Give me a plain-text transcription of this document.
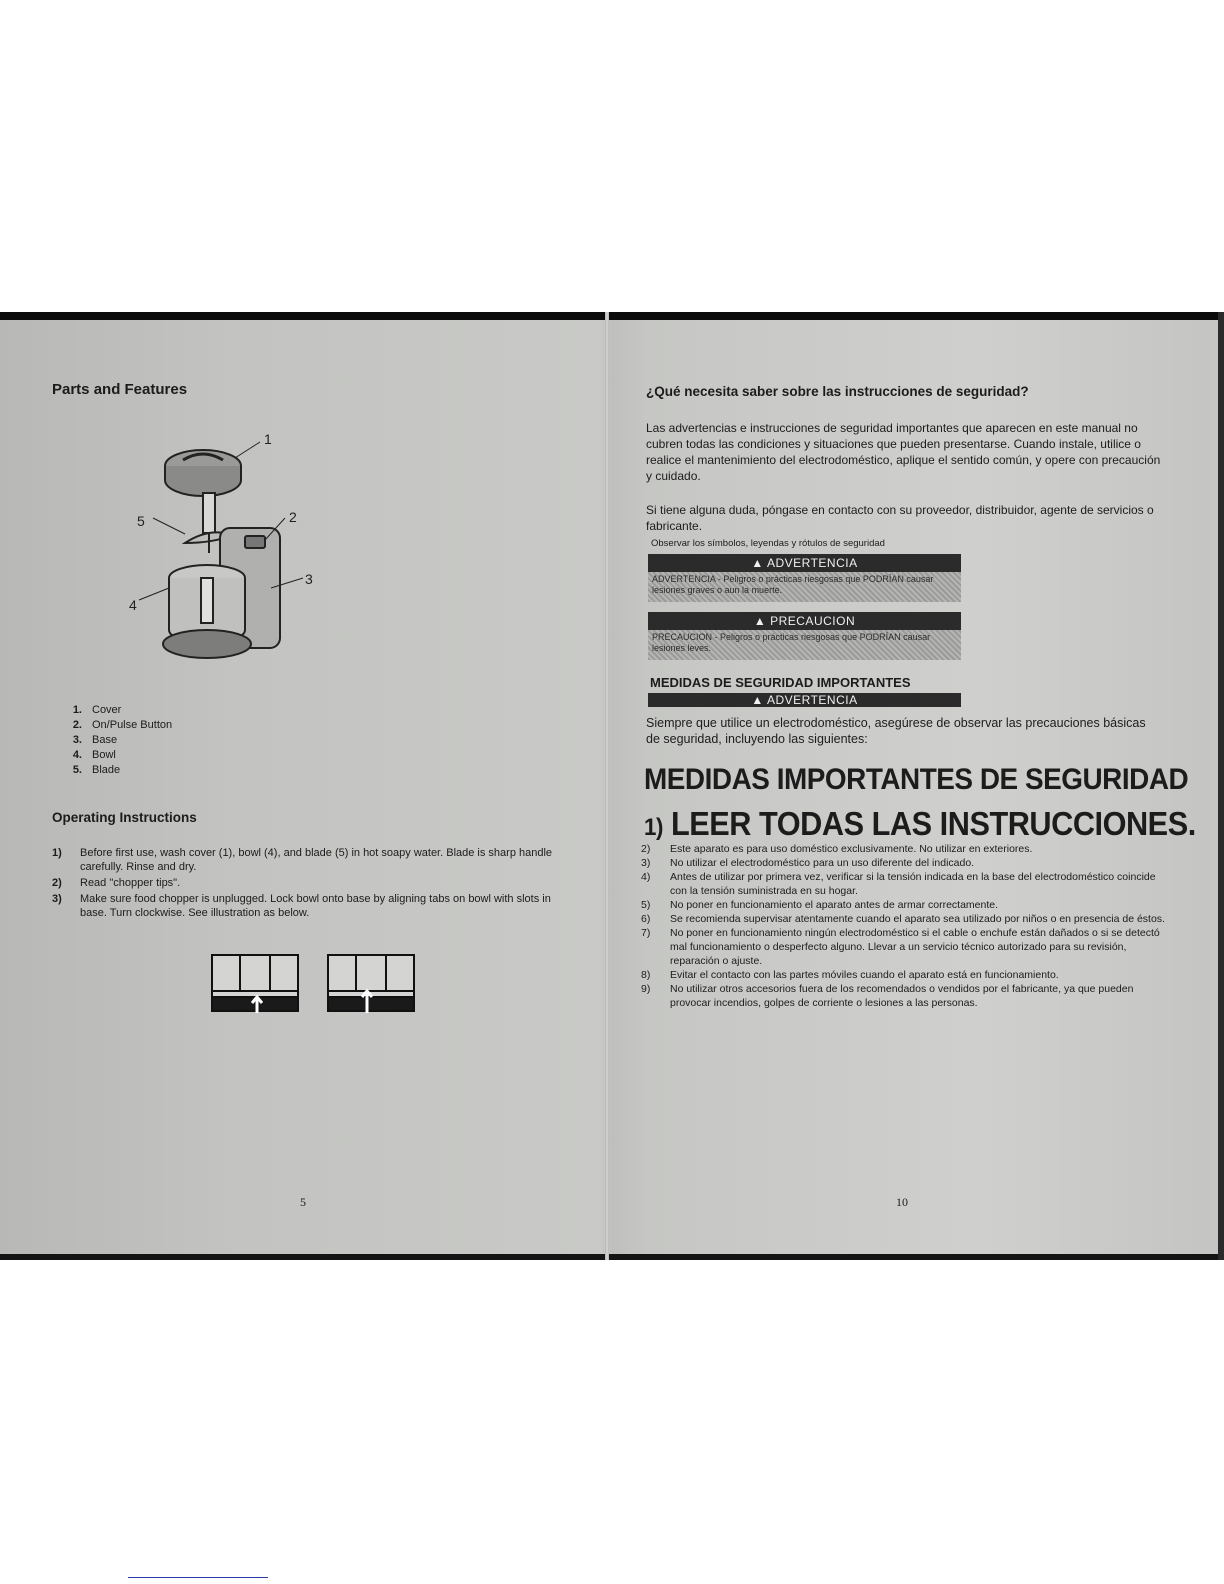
Parts and Features
1
2
3
4
5
1. Cover
2. On/Pulse Button
3. Base
4. Bowl
5. Blade
Operating Instructions
1)	Before first use, wash cover (1), bowl (4), and blade (5) in hot soapy water. Blade is sharp handle carefully. Rinse and dry.
2)	Read "chopper tips".
3)	Make sure food chopper is unplugged. Lock bowl onto base by aligning tabs on bowl with slots in base. Turn clockwise. See illustration as below.
5
¿Qué necesita saber sobre las instrucciones de seguridad?

Las advertencias e instrucciones de seguridad importantes que aparecen en este manual no cubren todas las condiciones y situaciones que pueden presentarse. Cuando instale, utilice o realice el mantenimiento del electrodoméstico, aplique el sentido común, y opere con precaución y cuidado.

Si tiene alguna duda, póngase en contacto con su proveedor, distribuidor, agente de servicios o fabricante.

Observar los símbolos, leyendas y rótulos de seguridad
▲ ADVERTENCIA
ADVERTENCIA - Peligros o prácticas riesgosas que PODRÍAN causar lesiones graves o aun la muerte.
▲ PRECAUCION
PRECAUCION - Peligros o prácticas riesgosas que PODRÍAN causar lesiones leves.
MEDIDAS DE SEGURIDAD IMPORTANTES
▲ ADVERTENCIA

Siempre que utilice un electrodoméstico, asegúrese de observar las precauciones básicas de seguridad, incluyendo las siguientes:

MEDIDAS IMPORTANTES DE SEGURIDAD
1) LEER TODAS LAS INSTRUCCIONES.
2)	Este aparato es para uso doméstico exclusivamente. No utilizar en exteriores.
3)	No utilizar el electrodoméstico para un uso diferente del indicado.
4)	Antes de utilizar por primera vez, verificar si la tensión indicada en la base del electrodoméstico coincide con la tensión suministrada en su hogar.
5)	No poner en funcionamiento el aparato antes de armar correctamente.
6)	Se recomienda supervisar atentamente cuando el aparato sea utilizado por niños o en presencia de éstos.
7)	No poner en funcionamiento ningún electrodoméstico si el cable o enchufe están dañados o si se detectó mal funcionamiento o desperfecto alguno. Llevar a un servicio técnico autorizado para su revisión, reparación o ajuste.
8)	Evitar el contacto con las partes móviles cuando el aparato está en funcionamiento.
9)	No utilizar otros accesorios fuera de los recomendados o vendidos por el fabricante, ya que pueden provocar incendios, golpes de corriente o lesiones a las personas.
10
